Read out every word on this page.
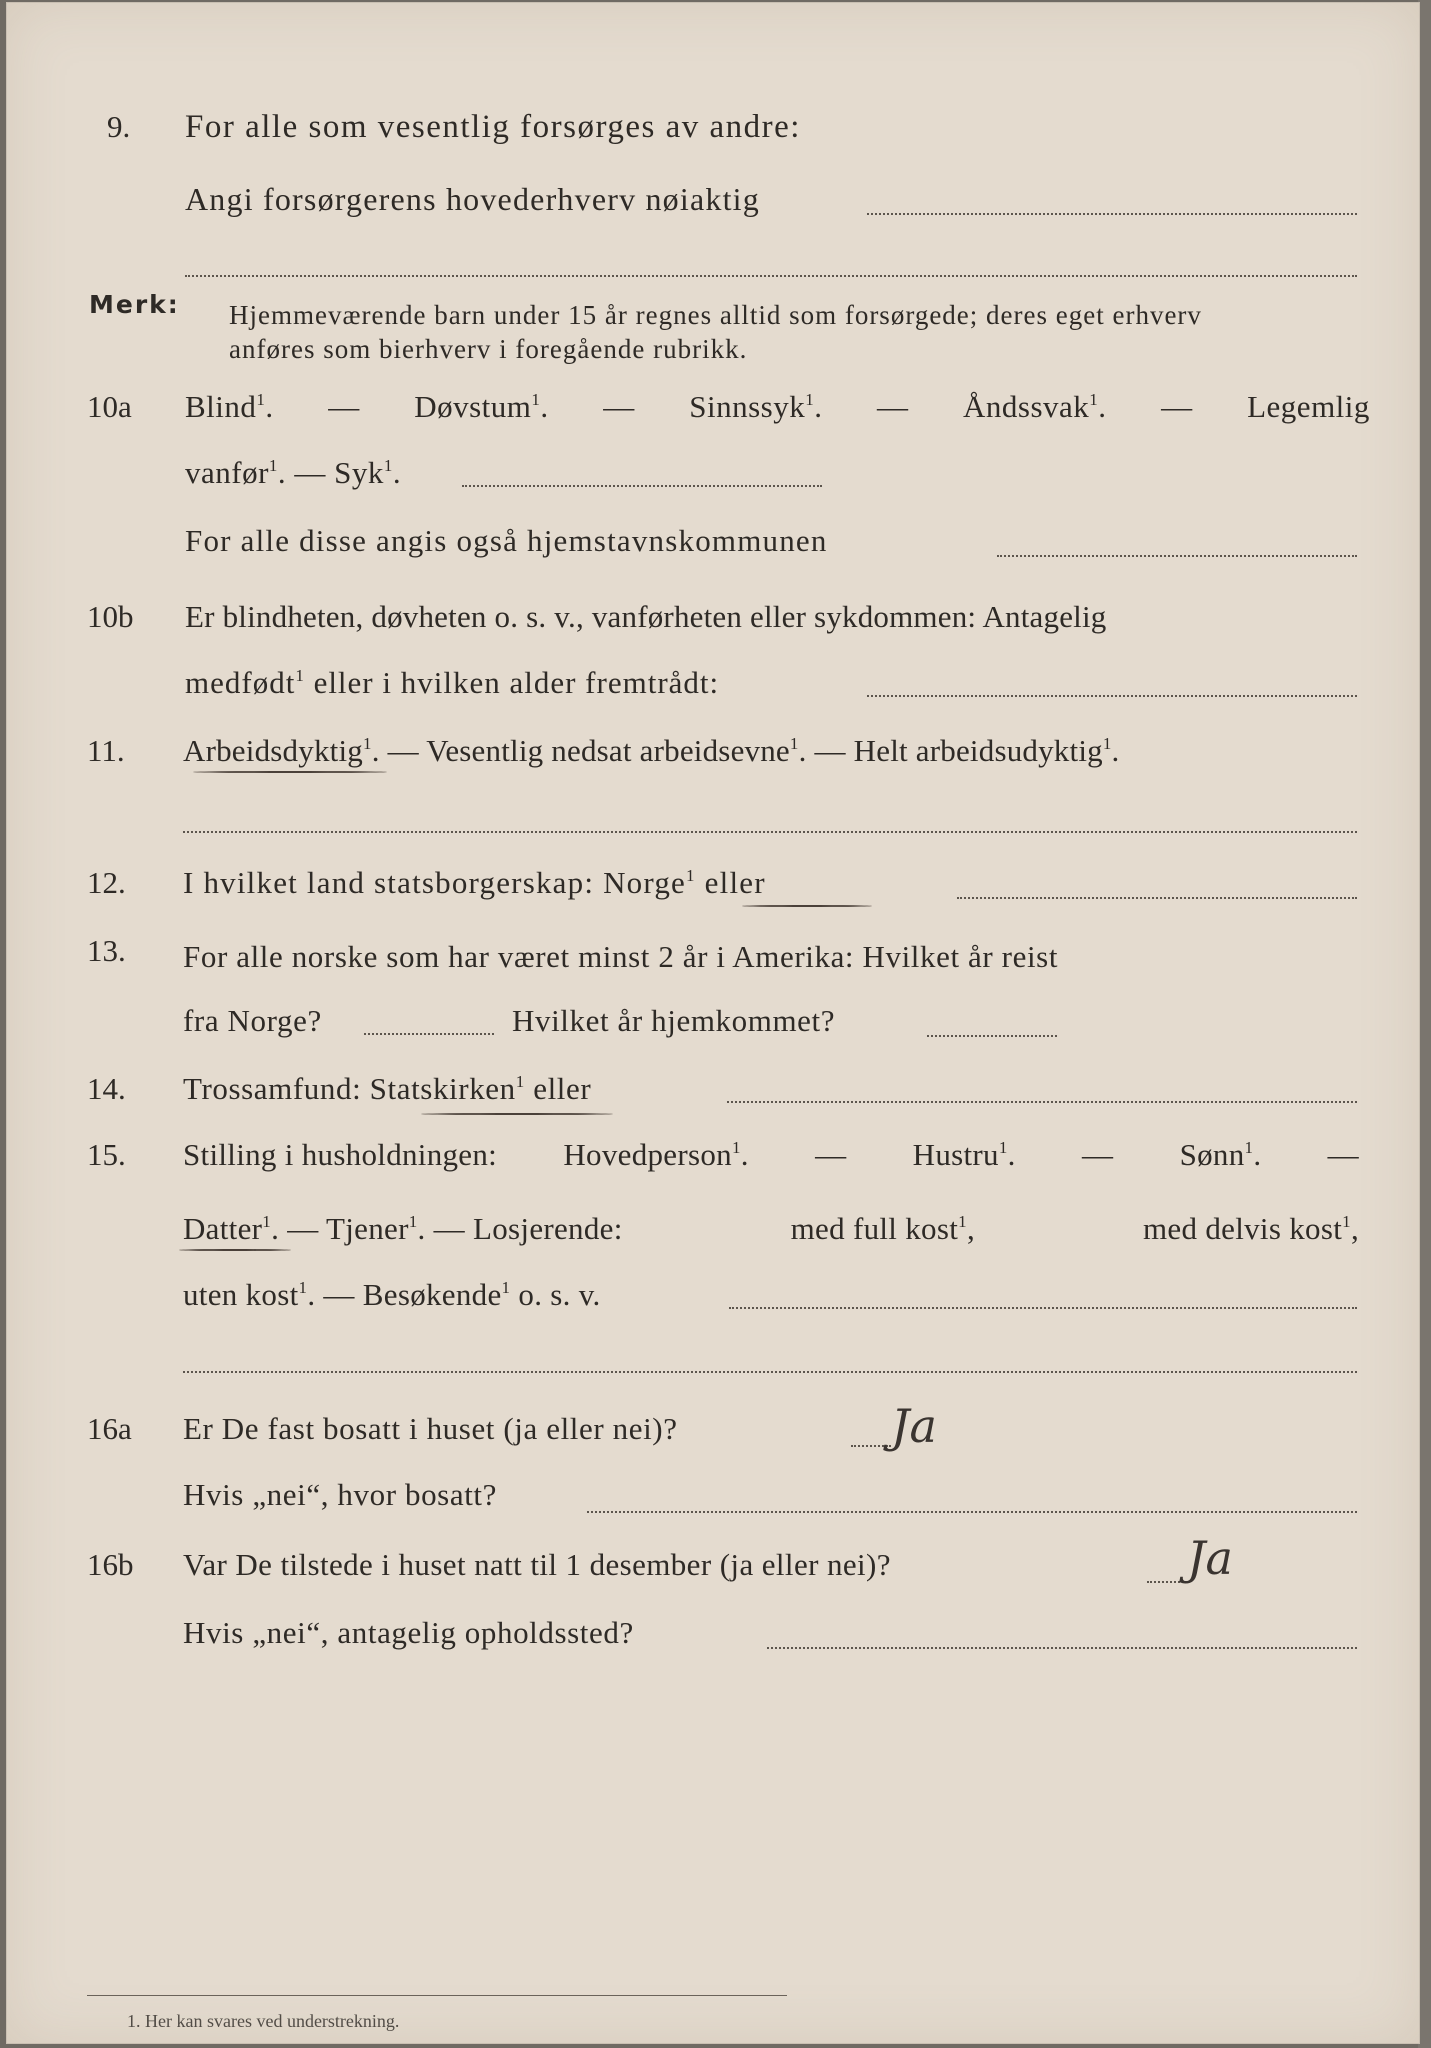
9. For alle som vesentlig forsørges av andre:
Angi forsørgerens hovederhverv nøiaktig
Merk: Hjemmeværende barn under 15 år regnes alltid som forsørgede; deres eget erhverv
anføres som bierhverv i foregående rubrikk.
10a Blind$^1$. — Døvstum$^1$. — Sinnssyk$^1$. — Åndssvak$^1$. — Legemlig
vanfør$^1$. — Syk$^1$.
For alle disse angis også hjemstavnskommunen
10b Er blindheten, døvheten o. s. v., vanførheten eller sykdommen: Antagelig
medfødt$^1$ eller i hvilken alder fremtrådt:
11. Arbeidsdyktig$^1$. — Vesentlig nedsat arbeidsevne$^1$. — Helt arbeidsudyktig$^1$.
12. I hvilket land statsborgerskap: Norge$^1$ eller
13. For alle norske som har været minst 2 år i Amerika: Hvilket år reist
fra Norge?	Hvilket år hjemkommet?
14. Trossamfund: Statskirken$^1$ eller
15. Stilling i husholdningen: Hovedperson$^1$. — Hustru$^1$. — Sønn$^1$. —
Datter$^1$. — Tjener$^1$. — Losjerende:	med full kost$^1$,	med delvis kost$^1$,
uten kost$^1$. — Besøkende$^1$ o. s. v.
16a Er De fast bosatt i huset (ja eller nei)?	Ja
Hvis „nei“, hvor bosatt?
16b Var De tilstede i huset natt til 1 desember (ja eller nei)?	Ja
Hvis „nei“, antagelig opholdssted?
1. Her kan svares ved understrekning.
